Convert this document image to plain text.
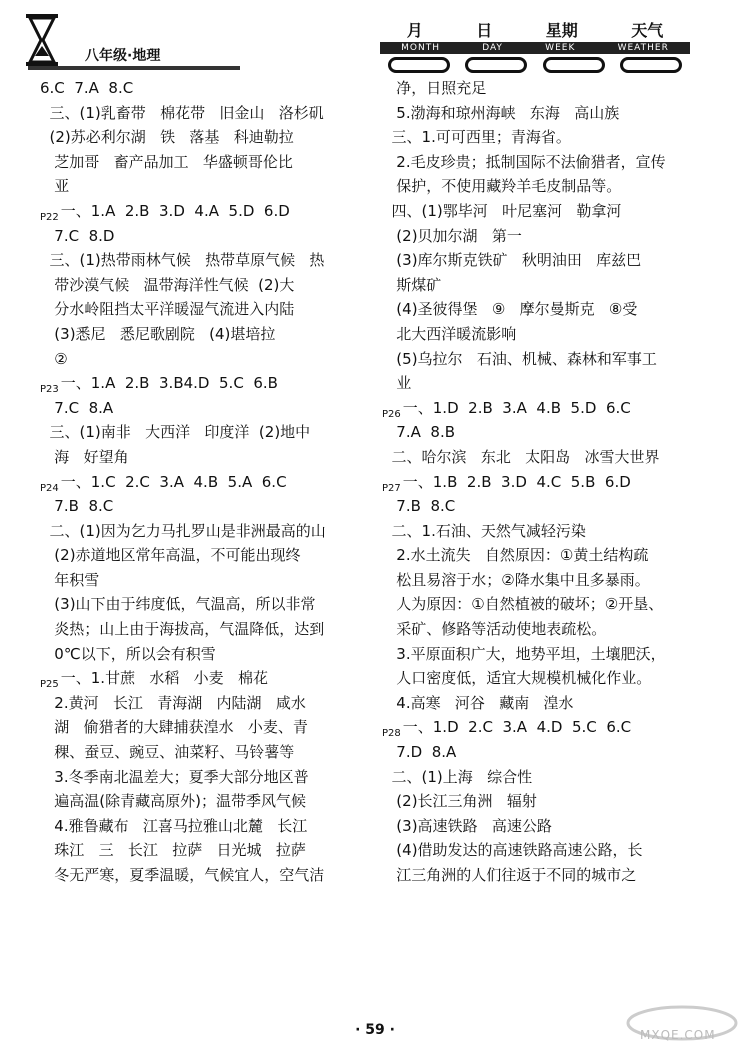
八年级·地理
月	日	星期	天气
MONTH	DAY	WEEK	WEATHER
6.C  7.A  8.C
三、(1)乳畜带   棉花带   旧金山   洛杉矶
(2)苏必利尔湖   铁   落基   科迪勒拉
芝加哥   畜产品加工   华盛顿哥伦比
亚
$_{P22}$ 一、1.A  2.B  3.D  4.A  5.D  6.D
7.C  8.D
三、(1)热带雨林气候   热带草原气候   热
带沙漠气候   温带海洋性气候  (2)大
分水岭阻挡太平洋暖湿气流进入内陆
(3)悉尼   悉尼歌剧院   (4)堪培拉
②
$_{P23}$ 一、1.A  2.B  3.B4.D  5.C  6.B
7.C  8.A
三、(1)南非   大西洋   印度洋  (2)地中
海   好望角
$_{P24}$ 一、1.C  2.C  3.A  4.B  5.A  6.C
7.B  8.C
二、(1)因为乞力马扎罗山是非洲最高的山
(2)赤道地区常年高温，不可能出现终
年积雪
(3)山下由于纬度低，气温高，所以非常
炎热；山上由于海拔高，气温降低，达到
0℃以下，所以会有积雪
$_{P25}$ 一、1.甘蔗   水稻   小麦   棉花
2.黄河   长江   青海湖   内陆湖   咸水
湖   偷猎者的大肆捕获湟水   小麦、青
稞、蚕豆、豌豆、油菜籽、马铃薯等
3.冬季南北温差大；夏季大部分地区普
遍高温(除青藏高原外)；温带季风气候
4.雅鲁藏布   江喜马拉雅山北麓   长江
珠江   三   长江   拉萨   日光城   拉萨
冬无严寒，夏季温暖，气候宜人，空气洁
净，日照充足
5.渤海和琼州海峡   东海   高山族
三、1.可可西里；青海省。
2.毛皮珍贵；抵制国际不法偷猎者，宣传
保护，不使用藏羚羊毛皮制品等。
四、(1)鄂毕河   叶尼塞河   勒拿河
(2)贝加尔湖   第一
(3)库尔斯克铁矿   秋明油田   库兹巴
斯煤矿
(4)圣彼得堡   ⑨   摩尔曼斯克   ⑧受
北大西洋暖流影响
(5)乌拉尔   石油、机械、森林和军事工
业
$_{P26}$ 一、1.D  2.B  3.A  4.B  5.D  6.C
7.A  8.B
二、哈尔滨   东北   太阳岛   冰雪大世界
$_{P27}$ 一、1.B  2.B  3.D  4.C  5.B  6.D
7.B  8.C
二、1.石油、天然气减轻污染
2.水土流失   自然原因：①黄土结构疏
松且易溶于水；②降水集中且多暴雨。
人为原因：①自然植被的破坏；②开垦、
采矿、修路等活动使地表疏松。
3.平原面积广大，地势平坦，土壤肥沃，
人口密度低，适宜大规模机械化作业。
4.高寒   河谷   藏南   湟水
$_{P28}$ 一、1.D  2.C  3.A  4.D  5.C  6.C
7.D  8.A
二、(1)上海   综合性
(2)长江三角洲   辐射
(3)高速铁路   高速公路
(4)借助发达的高速铁路高速公路，长
江三角洲的人们往返于不同的城市之
· 59 ·	MXQE.COM
